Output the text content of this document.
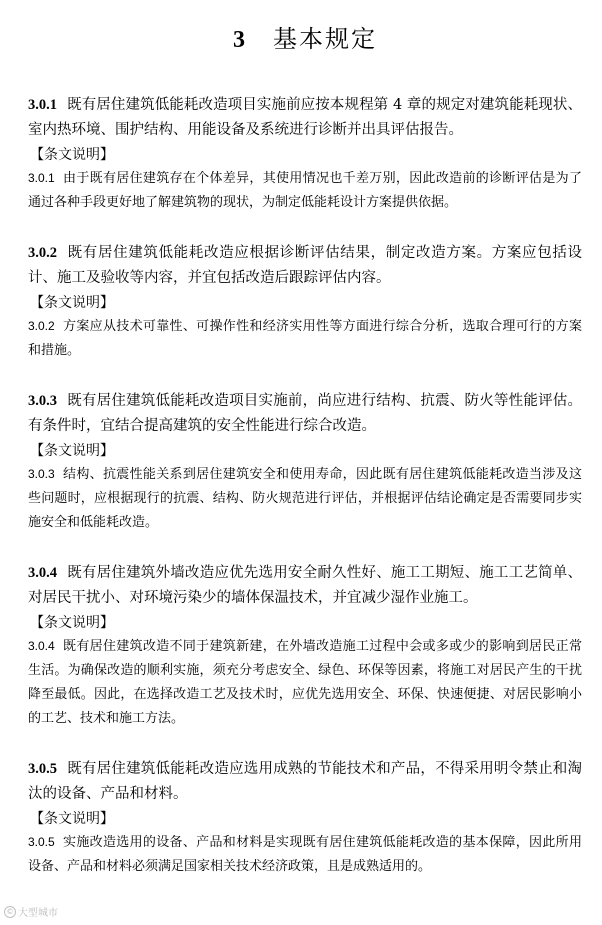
3 基本规定

3.0.1 既有居住建筑低能耗改造项目实施前应按本规程第 4 章的规定对建筑能耗现状、室内热环境、围护结构、用能设备及系统进行诊断并出具评估报告。

【条文说明】

3.0.1 由于既有居住建筑存在个体差异，其使用情况也千差万别，因此改造前的诊断评估是为了通过各种手段更好地了解建筑物的现状，为制定低能耗设计方案提供依据。

3.0.2 既有居住建筑低能耗改造应根据诊断评估结果，制定改造方案。方案应包括设计、施工及验收等内容，并宜包括改造后跟踪评估内容。

【条文说明】

3.0.2 方案应从技术可靠性、可操作性和经济实用性等方面进行综合分析，选取合理可行的方案和措施。

3.0.3 既有居住建筑低能耗改造项目实施前，尚应进行结构、抗震、防火等性能评估。有条件时，宜结合提高建筑的安全性能进行综合改造。

【条文说明】

3.0.3 结构、抗震性能关系到居住建筑安全和使用寿命，因此既有居住建筑低能耗改造当涉及这些问题时，应根据现行的抗震、结构、防火规范进行评估，并根据评估结论确定是否需要同步实施安全和低能耗改造。

3.0.4 既有居住建筑外墙改造应优先选用安全耐久性好、施工工期短、施工工艺简单、对居民干扰小、对环境污染少的墙体保温技术，并宜减少湿作业施工。

【条文说明】

3.0.4 既有居住建筑改造不同于建筑新建，在外墙改造施工过程中会或多或少的影响到居民正常生活。为确保改造的顺利实施，须充分考虑安全、绿色、环保等因素，将施工对居民产生的干扰降至最低。因此，在选择改造工艺及技术时，应优先选用安全、环保、快速便捷、对居民影响小的工艺、技术和施工方法。

3.0.5 既有居住建筑低能耗改造应选用成熟的节能技术和产品，不得采用明令禁止和淘汰的设备、产品和材料。

【条文说明】

3.0.5 实施改造选用的设备、产品和材料是实现既有居住建筑低能耗改造的基本保障，因此所用设备、产品和材料必须满足国家相关技术经济政策，且是成熟适用的。

© 大型城市
